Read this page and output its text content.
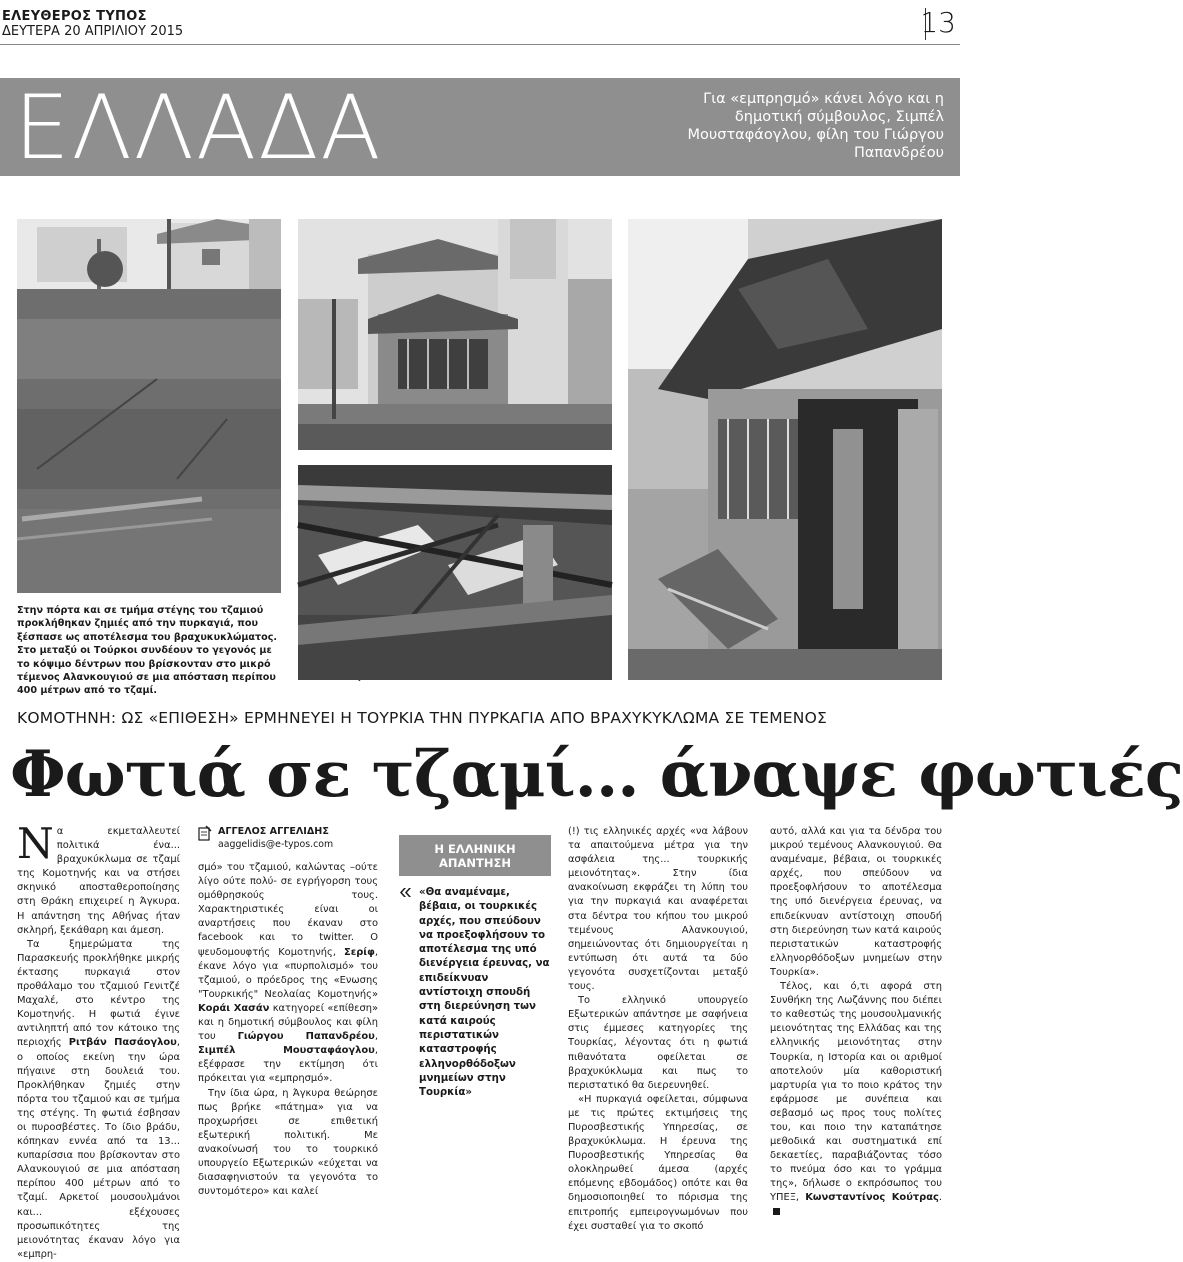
ΕΛΕΥΘΕΡΟΣ ΤΥΠΟΣ
ΔΕΥΤΕΡΑ 20 ΑΠΡΙΛΙΟΥ 2015	13
ΕΛΛΑΔΑ	Για «εμπρησμό» κάνει λόγο και η δημοτική σύμβουλος, Σιμπέλ Μουσταφάογλου, φίλη του Γιώργου Παπανδρέου
Στην πόρτα και σε τμήμα στέγης του τζαμιού προκλήθηκαν ζημιές από την πυρκαγιά, που ξέσπασε ως αποτέλεσμα του βραχυκυκλώματος. Στο μεταξύ οι Τούρκοι συνδέουν το γεγονός με το κόψιμο δέντρων που βρίσκονταν στο μικρό τέμενος Αλανκουγιού σε μια απόσταση περίπου 400 μέτρων από το τζαμί.
ΚΟΜΟΤΗΝΗ: ΩΣ «ΕΠΙΘΕΣΗ» ΕΡΜΗΝΕΥΕΙ Η ΤΟΥΡΚΙΑ ΤΗΝ ΠΥΡΚΑΓΙΑ ΑΠΟ ΒΡΑΧΥΚΥΚΛΩΜΑ ΣΕ ΤΕΜΕΝΟΣ
Φωτιά σε τζαμί... άναψε φωτιές

Να εκμεταλλευτεί πολιτικά ένα... βραχυκύκλωμα σε τζαμί της Κομοτηνής και να στήσει σκηνικό αποσταθεροποίησης στη Θράκη επιχειρεί η Άγκυρα. Η απάντηση της Αθήνας ήταν σκληρή, ξεκάθαρη και άμεση.

Τα ξημερώματα της Παρασκευής προκλήθηκε μικρής έκτασης πυρκαγιά στον προθάλαμο του τζαμιού Γενιτζέ Μαχαλέ, στο κέντρο της Κομοτηνής. Η φωτιά έγινε αντιληπτή από τον κάτοικο της περιοχής Ριτβάν Πασάογλου, ο οποίος εκείνη την ώρα πήγαινε στη δουλειά του. Προκλήθηκαν ζημιές στην πόρτα του τζαμιού και σε τμήμα της στέγης. Τη φωτιά έσβησαν οι πυροσβέστες. Το ίδιο βράδυ, κόπηκαν εννέα από τα 13... κυπαρίσσια που βρίσκονταν στο Αλανκουγιού σε μια απόσταση περίπου 400 μέτρων από το τζαμί. Αρκετοί μουσουλμάνοι και... εξέχουσες προσωπικότητες της μειονότητας έκαναν λόγο για «εμπρη-

ΑΓΓΕΛΟΣ ΑΓΓΕΛΙΔΗΣ
aaggelidis@e-typos.com

σμό» του τζαμιού, καλώντας –ούτε λίγο ούτε πολύ- σε εγρήγορση τους ομόθρησκούς τους. Χαρακτηριστικές είναι οι αναρτήσεις που έκαναν στο facebook και το twitter. Ο ψευδομουφτής Κομοτηνής, Σερίφ, έκανε λόγο για «πυρπολισμό» του τζαμιού, ο πρόεδρος της «Ενωσης "Τουρκικής" Νεολαίας Κομοτηνής» Κοράι Χασάν κατηγορεί «επίθεση» και η δημοτική σύμβουλος και φίλη του Γιώργου Παπανδρέου, Σιμπέλ Μουσταφάογλου, εξέφρασε την εκτίμηση ότι πρόκειται για «εμπρησμό».

Την ίδια ώρα, η Άγκυρα θεώρησε πως βρήκε «πάτημα» για να προχωρήσει σε επιθετική εξωτερική πολιτική. Με ανακοίνωσή του το τουρκικό υπουργείο Εξωτερικών «εύχεται να διασαφηνιστούν τα γεγονότα το συντομότερο» και καλεί

Η ΕΛΛΗΝΙΚΗ ΑΠΑΝΤΗΣΗ
«Θα αναμέναμε, βέβαια, οι τουρκικές αρχές, που σπεύδουν να προεξοφλήσουν το αποτέλεσμα της υπό διενέργεια έρευνας, να επιδείκνυαν αντίστοιχη σπουδή στη διερεύνηση των κατά καιρούς περιστατικών καταστροφής ελληνορθόδοξων μνημείων στην Τουρκία»

(!) τις ελληνικές αρχές «να λάβουν τα απαιτούμενα μέτρα για την ασφάλεια της... τουρκικής μειονότητας». Στην ίδια ανακοίνωση εκφράζει τη λύπη του για την πυρκαγιά και αναφέρεται στα δέντρα του κήπου του μικρού τεμένους Αλανκουγιού, σημειώνοντας ότι δημιουργείται η εντύπωση ότι αυτά τα δύο γεγονότα συσχετίζονται μεταξύ τους.

Το ελληνικό υπουργείο Εξωτερικών απάντησε με σαφήνεια στις έμμεσες κατηγορίες της Τουρκίας, λέγοντας ότι η φωτιά πιθανότατα οφείλεται σε βραχυκύκλωμα και πως το περιστατικό θα διερευνηθεί.

«Η πυρκαγιά οφείλεται, σύμφωνα με τις πρώτες εκτιμήσεις της Πυροσβεστικής Υπηρεσίας, σε βραχυκύκλωμα. Η έρευνα της Πυροσβεστικής Υπηρεσίας θα ολοκληρωθεί άμεσα (αρχές επόμενης εβδομάδος) οπότε και θα δημοσιοποιηθεί το πόρισμα της επιτροπής εμπειρογνωμόνων που έχει συσταθεί για το σκοπό

αυτό, αλλά και για τα δένδρα του μικρού τεμένους Αλανκουγιού. Θα αναμέναμε, βέβαια, οι τουρκικές αρχές, που σπεύδουν να προεξοφλήσουν το αποτέλεσμα της υπό διενέργεια έρευνας, να επιδείκνυαν αντίστοιχη σπουδή στη διερεύνηση των κατά καιρούς περιστατικών καταστροφής ελληνορθόδοξων μνημείων στην Τουρκία».

Τέλος, και ό,τι αφορά στη Συνθήκη της Λωζάννης που διέπει το καθεστώς της μουσουλμανικής μειονότητας της Ελλάδας και της ελληνικής μειονότητας στην Τουρκία, η Ιστορία και οι αριθμοί αποτελούν μία καθοριστική μαρτυρία για το ποιο κράτος την εφάρμοσε με συνέπεια και σεβασμό ως προς τους πολίτες του, και ποιο την καταπάτησε μεθοδικά και συστηματικά επί δεκαετίες, παραβιάζοντας τόσο το πνεύμα όσο και το γράμμα της», δήλωσε ο εκπρόσωπος του ΥΠΕΞ, Κωνσταντίνος Κούτρας.
